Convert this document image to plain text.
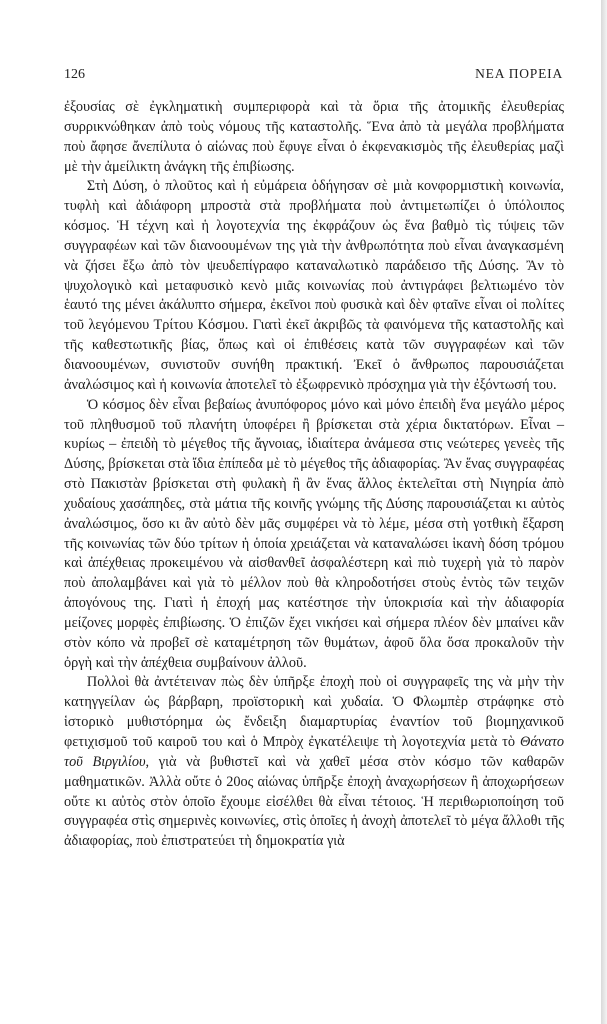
126	ΝΕΑ ΠΟΡΕΙΑ

ἐξουσίας σὲ ἐγκληματικὴ συμπεριφορὰ καὶ τὰ ὅρια τῆς ἀτομικῆς ἐλευθερίας συρρικνώθηκαν ἀπὸ τοὺς νόμους τῆς καταστολῆς. Ἕνα ἀπὸ τὰ μεγάλα προβλήματα ποὺ ἄφησε ἄνεπίλυτα ὁ αἰώνας ποὺ ἔφυγε εἶναι ὁ ἐκφενακισμὸς τῆς ἐλευθερίας μαζὶ μὲ τὴν ἀμείλικτη ἀνάγκη τῆς ἐπιβίωσης.

Στὴ Δύση, ὁ πλοῦτος καὶ ἡ εὐμάρεια ὁδήγησαν σὲ μιὰ κονφορμιστικὴ κοινωνία, τυφλὴ καὶ ἀδιάφορη μπροστὰ στὰ προβλήματα ποὺ ἀντιμετωπίζει ὁ ὑπόλοιπος κόσμος. Ἡ τέχνη καὶ ἡ λογοτεχνία της ἐκφράζουν ὡς ἕνα βαθμὸ τὶς τύψεις τῶν συγγραφέων καὶ τῶν διανοουμένων της γιὰ τὴν ἀνθρωπότητα ποὺ εἶναι ἀναγκασμένη νὰ ζήσει ἔξω ἀπὸ τὸν ψευδεπίγραφο καταναλωτικὸ παράδεισο τῆς Δύσης. Ἂν τὸ ψυχολογικὸ καὶ μεταφυσικὸ κενὸ μιᾶς κοινωνίας ποὺ ἀντιγράφει βελτιωμένο τὸν ἑαυτό της μένει ἀκάλυπτο σήμερα, ἐκεῖνοι ποὺ φυσικὰ καὶ δὲν φταῖνε εἶναι οἱ πολίτες τοῦ λεγόμενου Τρίτου Κόσμου. Γιατὶ ἐκεῖ ἀκριβῶς τὰ φαινόμενα τῆς καταστολῆς καὶ τῆς καθεστωτικῆς βίας, ὅπως καὶ οἱ ἐπιθέσεις κατὰ τῶν συγγραφέων καὶ τῶν διανοουμένων, συνιστοῦν συνήθη πρακτική. Ἐκεῖ ὁ ἄνθρωπος παρουσιάζεται ἀναλώσιμος καὶ ἡ κοινωνία ἀποτελεῖ τὸ ἐξωφρενικὸ πρόσχημα γιὰ τὴν ἐξόντωσή του.

Ὁ κόσμος δὲν εἶναι βεβαίως ἀνυπόφορος μόνο καὶ μόνο ἐπειδὴ ἕνα μεγάλο μέρος τοῦ πληθυσμοῦ τοῦ πλανήτη ὑποφέρει ἢ βρίσκεται στὰ χέρια δικτατόρων. Εἶναι – κυρίως – ἐπειδὴ τὸ μέγεθος τῆς ἄγνοιας, ἰδιαίτερα ἀνάμεσα στις νεώτερες γενεὲς τῆς Δύσης, βρίσκεται στὰ ἴδια ἐπίπεδα μὲ τὸ μέγεθος τῆς ἀδιαφορίας. Ἂν ἕνας συγγραφέας στὸ Πακιστὰν βρίσκεται στὴ φυλακὴ ἢ ἂν ἕνας ἄλλος ἐκτελεῖται στὴ Νιγηρία ἀπὸ χυδαίους χασάπηδες, στὰ μάτια τῆς κοινῆς γνώμης τῆς Δύσης παρουσιάζεται κι αὐτὸς ἀναλώσιμος, ὅσο κι ἂν αὐτὸ δὲν μᾶς συμφέρει νὰ τὸ λέμε, μέσα στὴ γοτθικὴ ἔξαρση τῆς κοινωνίας τῶν δύο τρίτων ἡ ὁποία χρειάζεται νὰ καταναλώσει ἱκανὴ δόση τρόμου καὶ ἀπέχθειας προκειμένου νὰ αἰσθανθεῖ ἀσφαλέστερη καὶ πιὸ τυχερὴ γιὰ τὸ παρὸν ποὺ ἀπολαμβάνει καὶ γιὰ τὸ μέλλον ποὺ θὰ κληροδοτήσει στοὺς ἐντὸς τῶν τειχῶν ἀπογόνους της. Γιατὶ ἡ ἐποχή μας κατέστησε τὴν ὑποκρισία καὶ τὴν ἀδιαφορία μείζονες μορφὲς ἐπιβίωσης. Ὁ ἐπιζῶν ἔχει νικήσει καὶ σήμερα πλέον δὲν μπαίνει κἂν στὸν κόπο νὰ προβεῖ σὲ καταμέτρηση τῶν θυμάτων, ἀφοῦ ὅλα ὅσα προκαλοῦν τὴν ὀργὴ καὶ τὴν ἀπέχθεια συμβαίνουν ἀλλοῦ.

Πολλοὶ θὰ ἀντέτειναν πὼς δὲν ὑπῆρξε ἐποχὴ ποὺ οἱ συγγραφεῖς της νὰ μὴν τὴν κατηγγείλαν ὡς βάρβαρη, προϊστορικὴ καὶ χυδαία. Ὁ Φλωμπὲρ στράφηκε στὸ ἱστορικὸ μυθιστόρημα ὡς ἔνδειξη διαμαρτυρίας ἐναντίον τοῦ βιομηχανικοῦ φετιχισμοῦ τοῦ καιροῦ του καὶ ὁ Μπρὸχ ἐγκατέλειψε τὴ λογοτεχνία μετὰ τὸ Θάνατο τοῦ Βιργιλίου, γιὰ νὰ βυθιστεῖ καὶ νὰ χαθεῖ μέσα στὸν κόσμο τῶν καθαρῶν μαθηματικῶν. Ἀλλὰ οὔτε ὁ 20ος αἰώνας ὑπῆρξε ἐποχὴ ἀναχωρήσεων ἢ ἀποχωρήσεων οὔτε κι αὐτὸς στὸν ὁποῖο ἔχουμε εἰσέλθει θὰ εἶναι τέτοιος. Ἡ περιθωριοποίηση τοῦ συγγραφέα στὶς σημερινὲς κοινωνίες, στὶς ὁποῖες ἡ ἀνοχὴ ἀποτελεῖ τὸ μέγα ἄλλοθι τῆς ἀδιαφορίας, ποὺ ἐπιστρατεύει τὴ δημοκρατία γιὰ
